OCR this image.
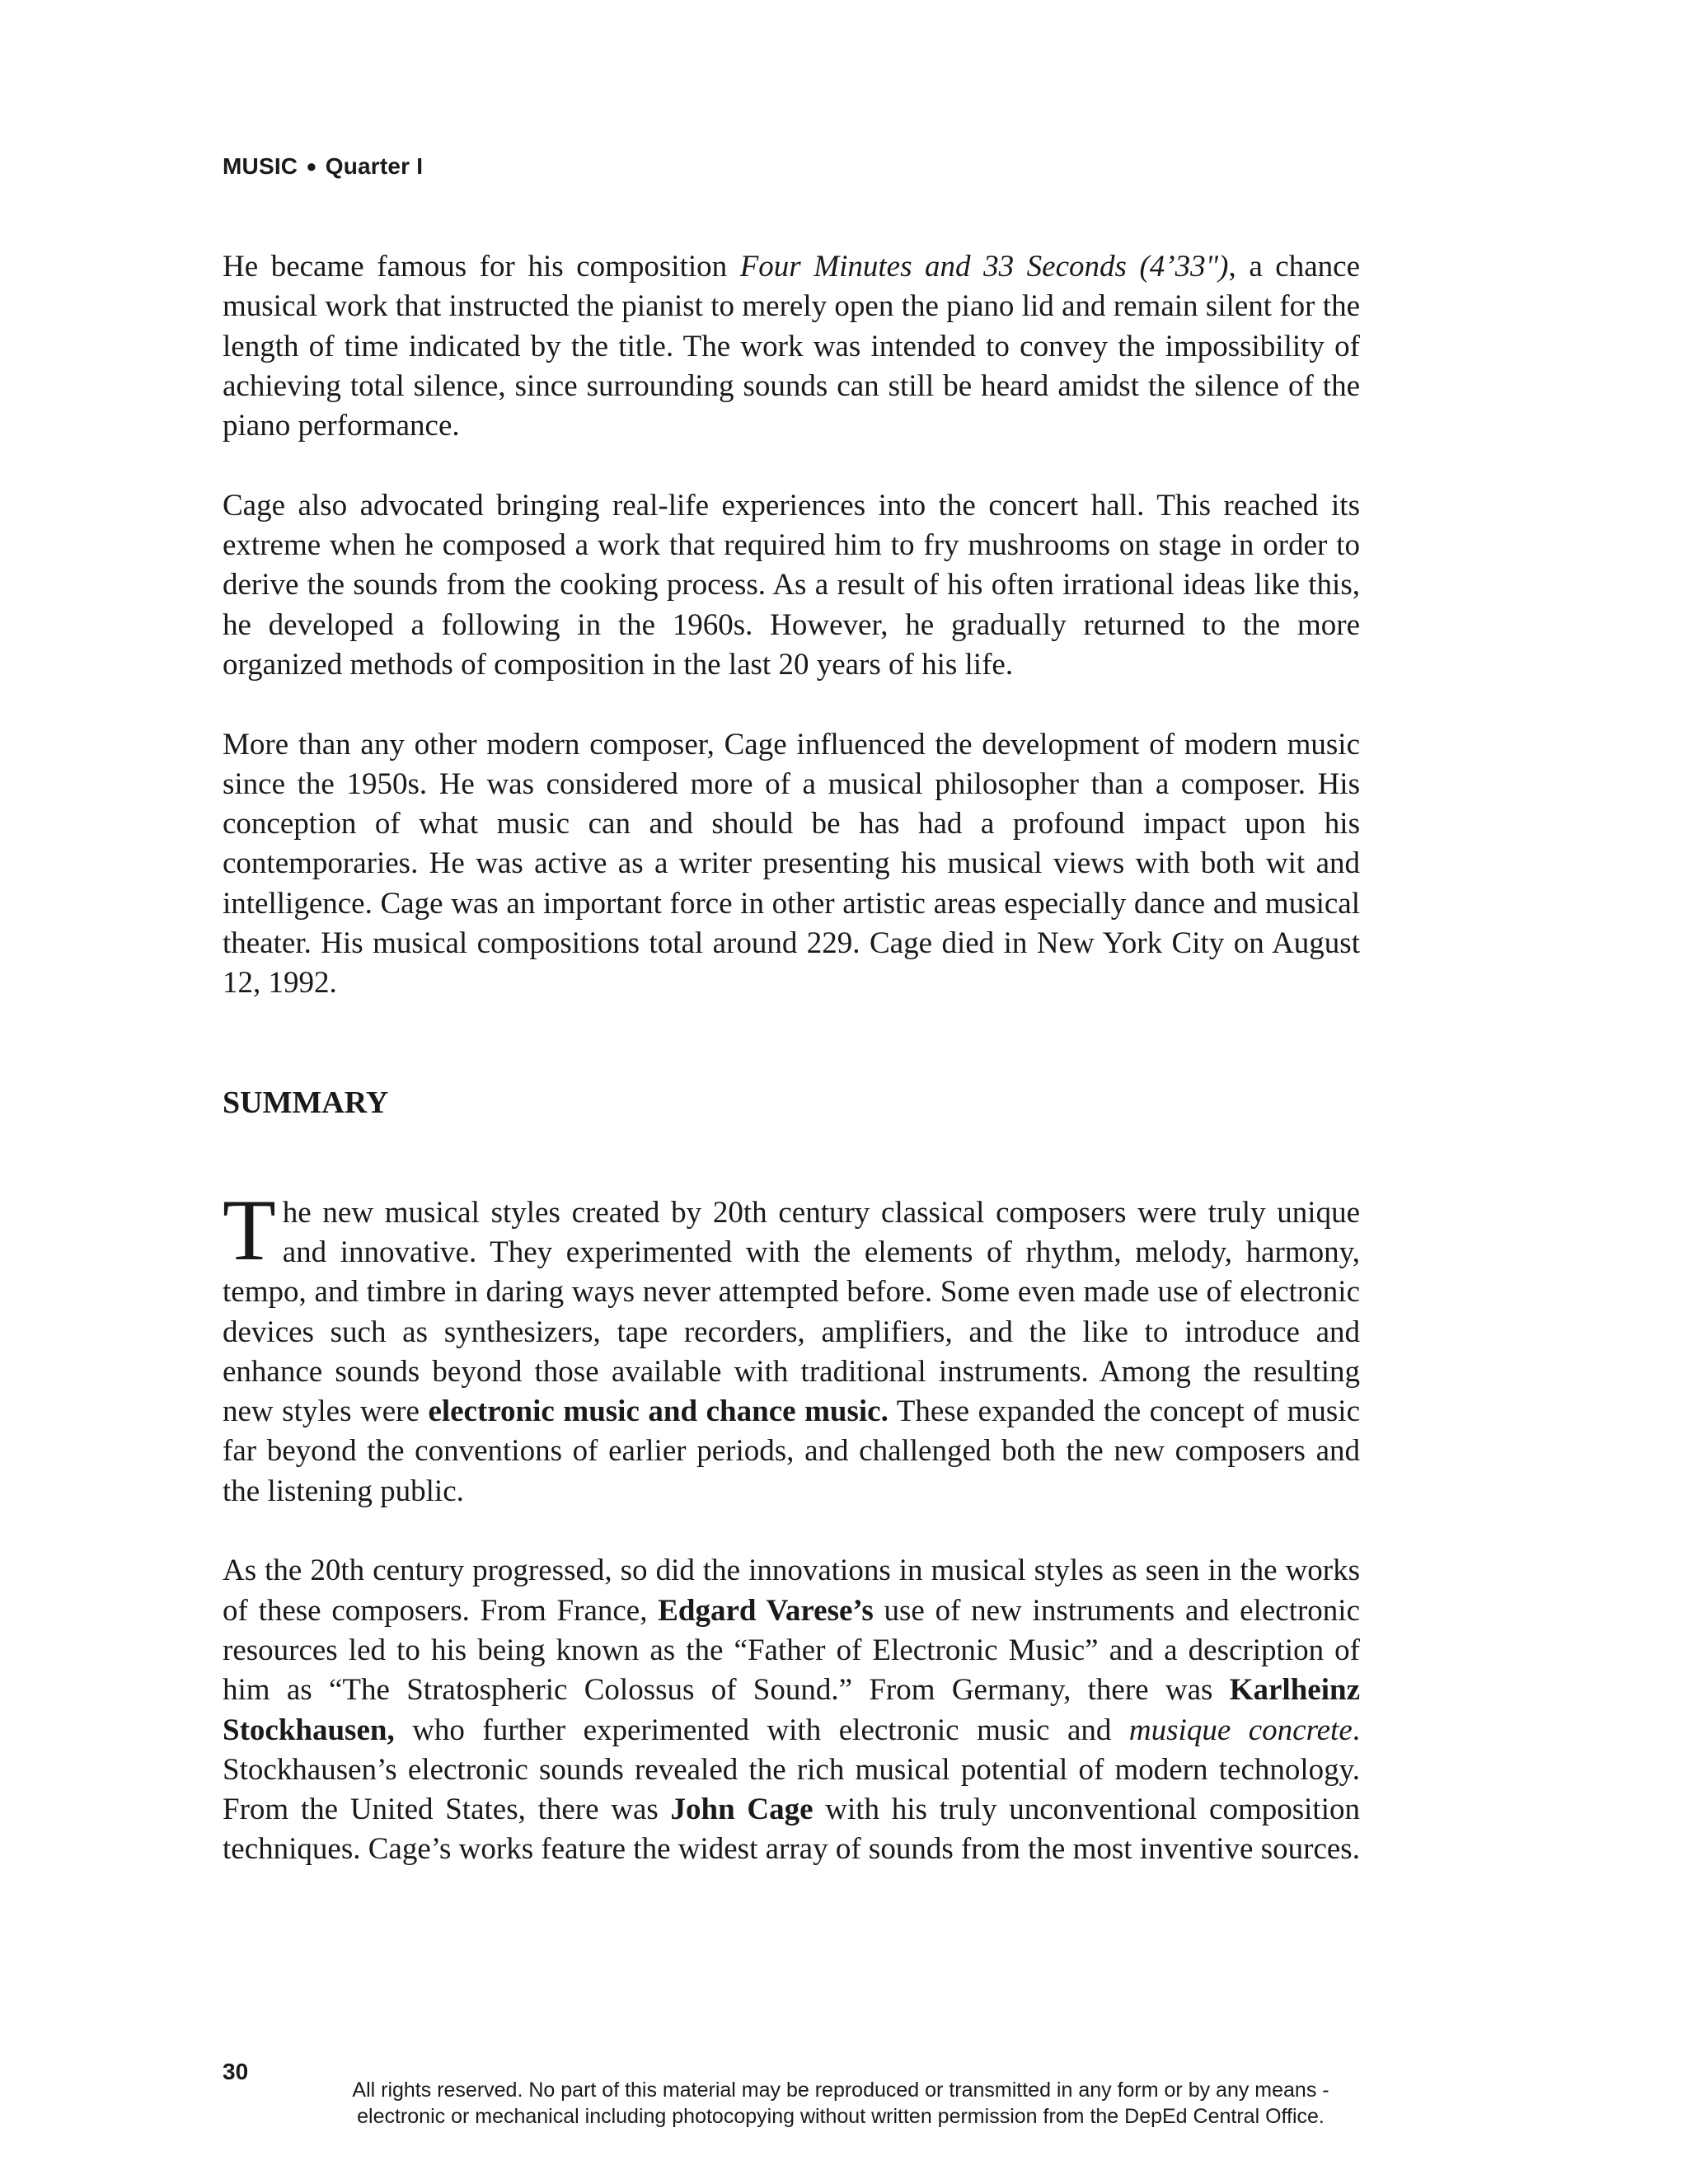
MUSIC ● Quarter I

He became famous for his composition Four Minutes and 33 Seconds (4’33"), a chance musical work that instructed the pianist to merely open the piano lid and remain silent for the length of time indicated by the title. The work was intended to convey the impossibility of achieving total silence, since surrounding sounds can still be heard amidst the silence of the piano performance.

Cage also advocated bringing real-life experiences into the concert hall. This reached its extreme when he composed a work that required him to fry mushrooms on stage in order to derive the sounds from the cooking process. As a result of his often irrational ideas like this, he developed a following in the 1960s. However, he gradually returned to the more organized methods of composition in the last 20 years of his life.

More than any other modern composer, Cage influenced the development of modern music since the 1950s. He was considered more of a musical philosopher than a composer. His conception of what music can and should be has had a profound impact upon his contemporaries. He was active as a writer presenting his musical views with both wit and intelligence. Cage was an important force in other artistic areas especially dance and musical theater. His musical compositions total around 229. Cage died in New York City on August 12, 1992.

SUMMARY

The new musical styles created by 20th century classical composers were truly unique and innovative. They experimented with the elements of rhythm, melody, harmony, tempo, and timbre in daring ways never attempted before. Some even made use of electronic devices such as synthesizers, tape recorders, amplifiers, and the like to introduce and enhance sounds beyond those available with traditional instruments. Among the resulting new styles were electronic music and chance music. These expanded the concept of music far beyond the conventions of earlier periods, and challenged both the new composers and the listening public.

As the 20th century progressed, so did the innovations in musical styles as seen in the works of these composers. From France, Edgard Varese’s use of new instruments and electronic resources led to his being known as the “Father of Electronic Music” and a description of him as “The Stratospheric Colossus of Sound.” From Germany, there was Karlheinz Stockhausen, who further experimented with electronic music and musique concrete. Stockhausen’s electronic sounds revealed the rich musical potential of modern technology. From the United States, there was John Cage with his truly unconventional composition techniques. Cage’s works feature the widest array of sounds from the most inventive sources.

30
All rights reserved. No part of this material may be reproduced or transmitted in any form or by any means -
electronic or mechanical including photocopying without written permission from the DepEd Central Office.
